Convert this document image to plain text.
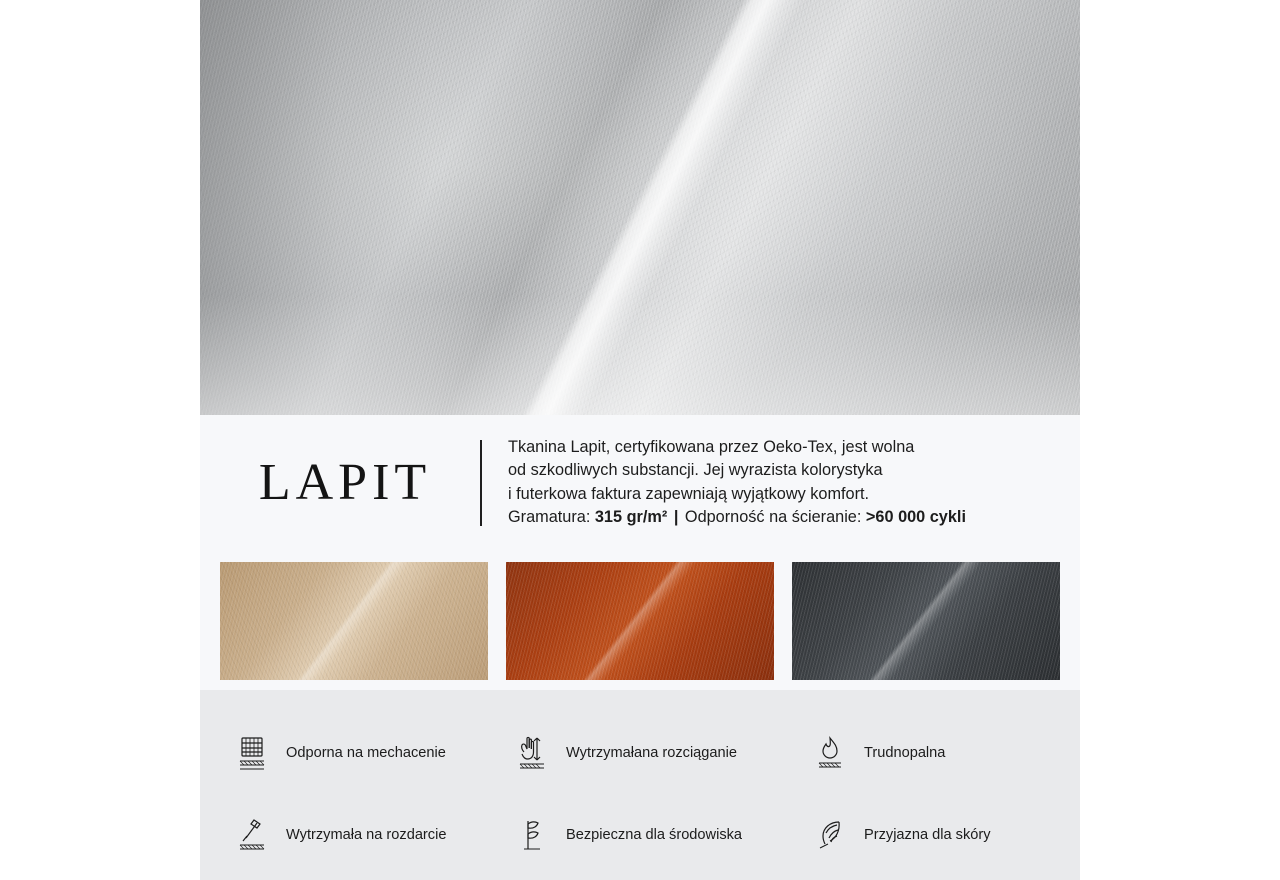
LAPIT
Tkanina Lapit, certyfikowana przez Oeko-Tex, jest wolna
od szkodliwych substancji. Jej wyrazista kolorystyka
i futerkowa faktura zapewniają wyjątkowy komfort.
Gramatura: 315 gr/m² | Odporność na ścieranie: >60 000 cykli
Odporna na mechacenie	Wytrzymałana rozciąganie	Trudnopalna
Wytrzymała na rozdarcie	Bezpieczna dla środowiska	Przyjazna dla skóry
